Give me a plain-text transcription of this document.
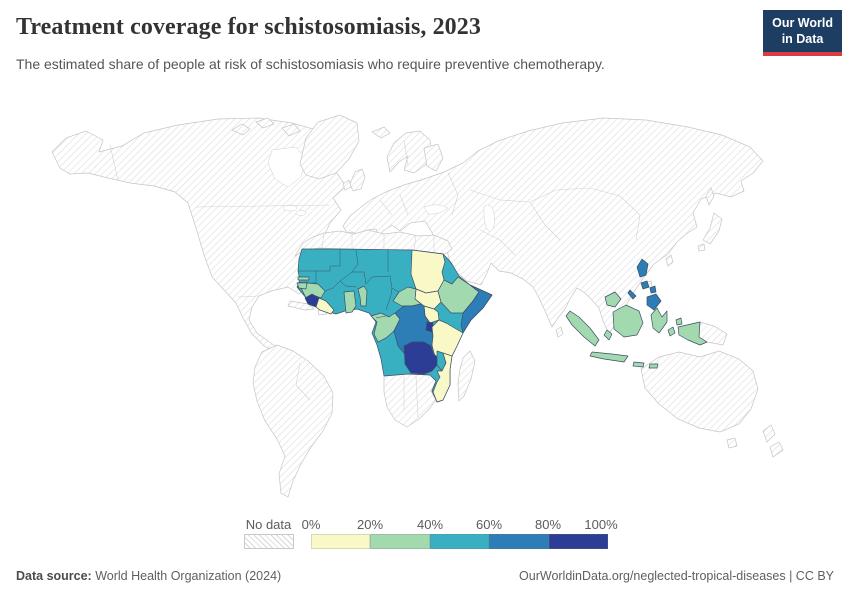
Treatment coverage for schistosomiasis, 2023
The estimated share of people at risk of schistosomiasis who require preventive chemotherapy.
Our World
in Data
No data 0%	20%	40%	60%	80% 100%
Data source: World Health Organization (2024)	OurWorldinData.org/neglected-tropical-diseases | CC BY
